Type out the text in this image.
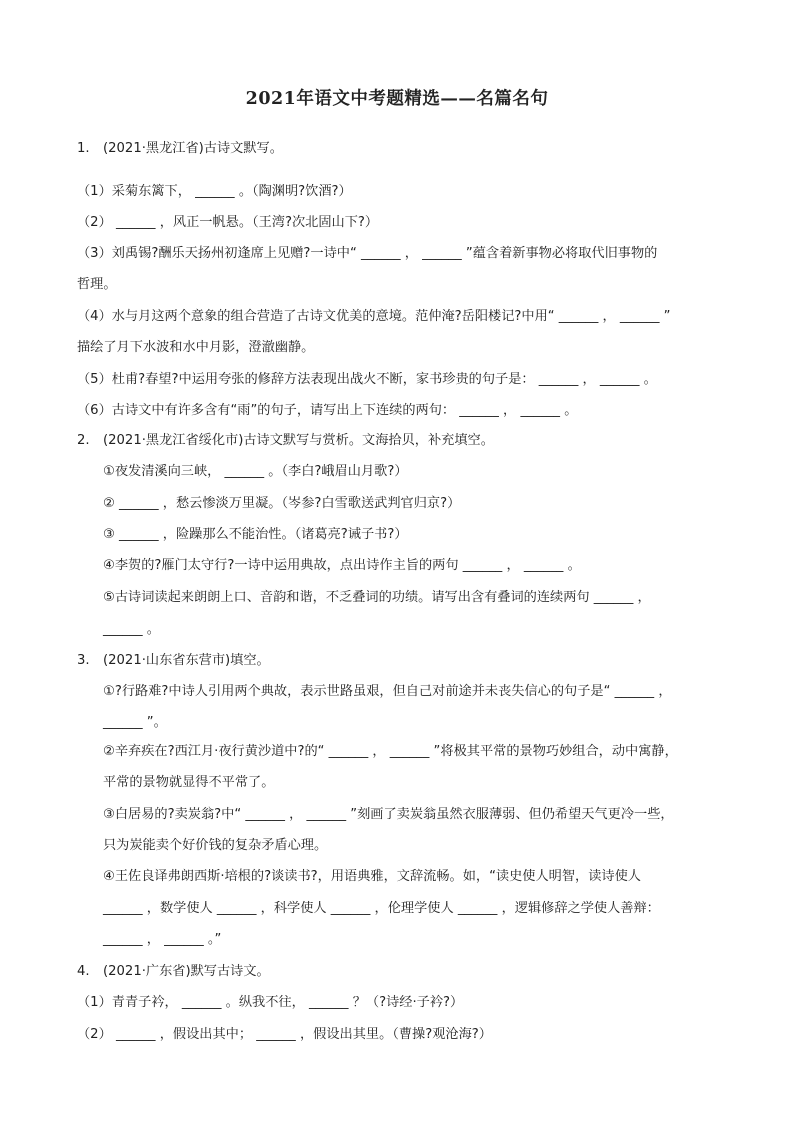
2021年语文中考题精选——名篇名句
1. (2021·黑龙江省)古诗文默写。
（1）采菊东篱下， ______ 。（陶渊明?饮酒?）
（2） ______ ，风正一帆悬。（王湾?次北固山下?）
（3）刘禹锡?酬乐天扬州初逢席上见赠?一诗中“ ______ ， ______ ”蕴含着新事物必将取代旧事物的
哲理。
（4）水与月这两个意象的组合营造了古诗文优美的意境。范仲淹?岳阳楼记?中用“ ______ ， ______ ”
描绘了月下水波和水中月影，澄澈幽静。
（5）杜甫?春望?中运用夸张的修辞方法表现出战火不断，家书珍贵的句子是： ______ ， ______ 。
（6）古诗文中有许多含有“雨”的句子，请写出上下连续的两句： ______ ， ______ 。
2. (2021·黑龙江省绥化市)古诗文默写与赏析。文海拾贝，补充填空。
①夜发清溪向三峡， ______ 。（李白?峨眉山月歌?）
② ______ ，愁云惨淡万里凝。（岑参?白雪歌送武判官归京?）
③ ______ ，险躁那么不能治性。（诸葛亮?诫子书?）
④李贺的?雁门太守行?一诗中运用典故，点出诗作主旨的两句 ______ ， ______ 。
⑤古诗词读起来朗朗上口、音韵和谐，不乏叠词的功绩。请写出含有叠词的连续两句 ______ ，
______ 。
3. (2021·山东省东营市)填空。
①?行路难?中诗人引用两个典故，表示世路虽艰，但自己对前途并未丧失信心的句子是“ ______ ，
______ ”。
②辛弃疾在?西江月·夜行黄沙道中?的“ ______ ， ______ ”将极其平常的景物巧妙组合，动中寓静，
平常的景物就显得不平常了。
③白居易的?卖炭翁?中“ ______ ， ______ ”刻画了卖炭翁虽然衣服薄弱、但仍希望天气更冷一些，
只为炭能卖个好价钱的复杂矛盾心理。
④王佐良译弗朗西斯·培根的?谈读书?，用语典雅，文辞流畅。如，“读史使人明智，读诗使人
______ ，数学使人 ______ ，科学使人 ______ ，伦理学使人 ______ ，逻辑修辞之学使人善辩：
______ ， ______ 。”
4. (2021·广东省)默写古诗文。
（1）青青子衿， ______ 。纵我不往， ______ ？（?诗经·子衿?）
（2） ______ ，假设出其中； ______ ，假设出其里。（曹操?观沧海?）
